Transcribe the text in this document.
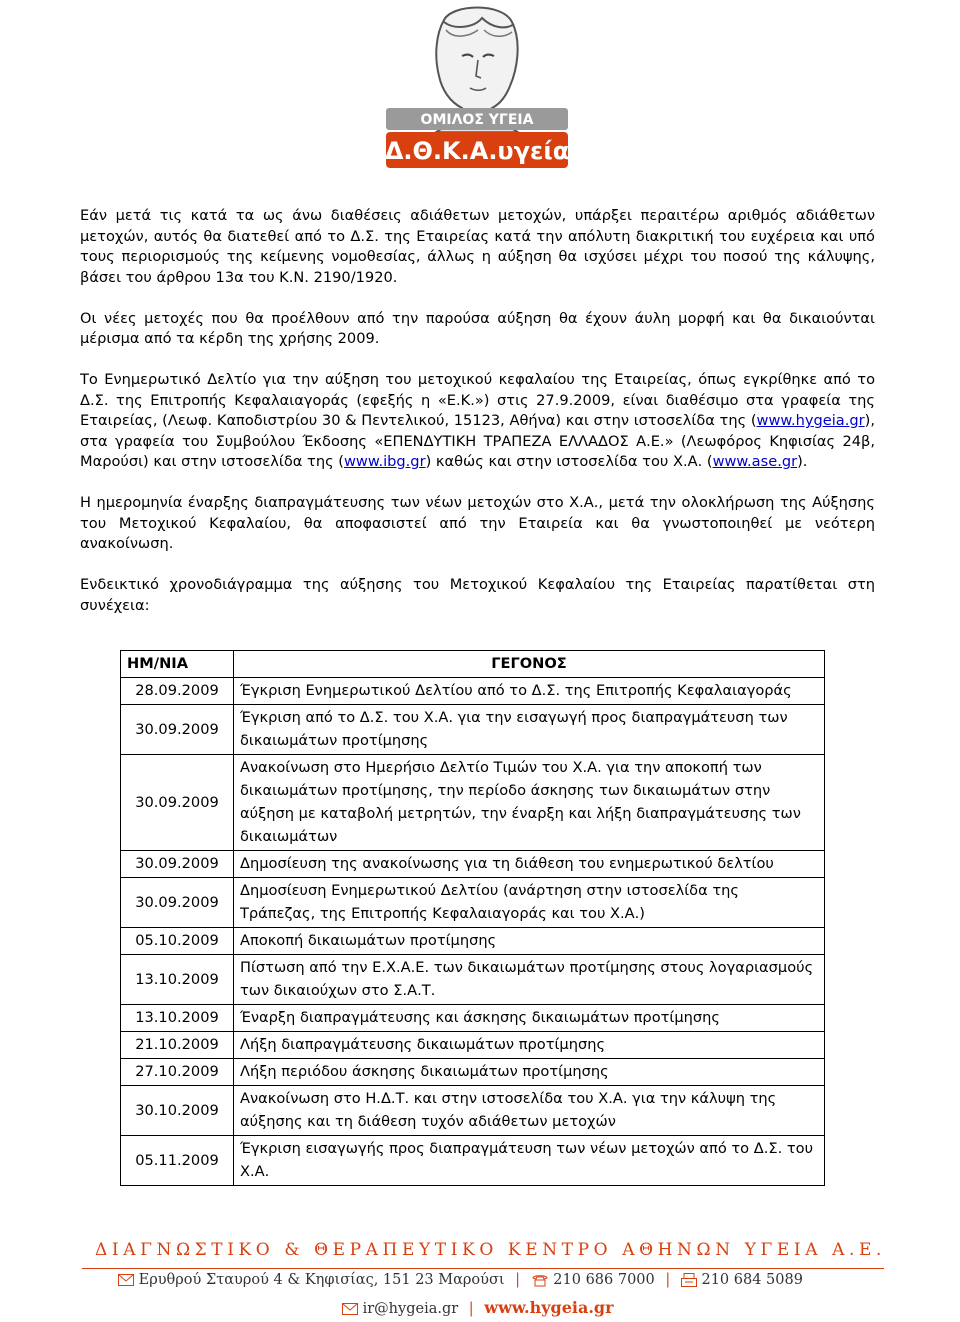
ΟΜΙΛΟΣ ΥΓΕΙΑ
Δ.Θ.Κ.Α.υγεία

Εάν μετά τις κατά τα ως άνω διαθέσεις αδιάθετων μετοχών, υπάρξει περαιτέρω αριθμός αδιάθετων μετοχών, αυτός θα διατεθεί από το Δ.Σ. της Εταιρείας κατά την απόλυτη διακριτική του ευχέρεια και υπό τους περιορισμούς της κείμενης νομοθεσίας, άλλως η αύξηση θα ισχύσει μέχρι του ποσού της κάλυψης, βάσει του άρθρου 13α του Κ.Ν. 2190/1920.

Οι νέες μετοχές που θα προέλθουν από την παρούσα αύξηση θα έχουν άυλη μορφή και θα δικαιούνται μέρισμα από τα κέρδη της χρήσης 2009.

Το Ενημερωτικό Δελτίο για την αύξηση του μετοχικού κεφαλαίου της Εταιρείας, όπως εγκρίθηκε από το Δ.Σ. της Επιτροπής Κεφαλαιαγοράς (εφεξής η «Ε.Κ.») στις 27.9.2009, είναι διαθέσιμο στα γραφεία της Εταιρείας, (Λεωφ. Καποδιστρίου 30 & Πεντελικού, 15123, Αθήνα) και στην ιστοσελίδα της (www.hygeia.gr), στα γραφεία του Συμβούλου Έκδοσης «ΕΠΕΝΔΥΤΙΚΗ ΤΡΑΠΕΖΑ ΕΛΛΑΔΟΣ Α.Ε.» (Λεωφόρος Κηφισίας 24β, Μαρούσι) και στην ιστοσελίδα της (www.ibg.gr) καθώς και στην ιστοσελίδα του Χ.Α. (www.ase.gr).

Η ημερομηνία έναρξης διαπραγμάτευσης των νέων μετοχών στο Χ.Α., μετά την ολοκλήρωση της Αύξησης του Μετοχικού Κεφαλαίου, θα αποφασιστεί από την Εταιρεία και θα γνωστοποιηθεί με νεότερη ανακοίνωση.

Ενδεικτικό χρονοδιάγραμμα της αύξησης του Μετοχικού Κεφαλαίου της Εταιρείας παρατίθεται στη συνέχεια:

ΗΜ/ΝΙΑ	ΓΕΓΟΝΟΣ
28.09.2009	Έγκριση Ενημερωτικού Δελτίου από το Δ.Σ. της Επιτροπής Κεφαλαιαγοράς
30.09.2009	Έγκριση από το Δ.Σ. του Χ.Α. για την εισαγωγή προς διαπραγμάτευση των δικαιωμάτων προτίμησης
30.09.2009	Ανακοίνωση στο Ημερήσιο Δελτίο Τιμών του Χ.Α. για την αποκοπή των δικαιωμάτων προτίμησης, την περίοδο άσκησης των δικαιωμάτων στην αύξηση με καταβολή μετρητών, την έναρξη και λήξη διαπραγμάτευσης των δικαιωμάτων
30.09.2009	Δημοσίευση της ανακοίνωσης για τη διάθεση του ενημερωτικού δελτίου
30.09.2009	Δημοσίευση Ενημερωτικού Δελτίου (ανάρτηση στην ιστοσελίδα της Τράπεζας, της Επιτροπής Κεφαλαιαγοράς και του Χ.Α.)
05.10.2009	Αποκοπή δικαιωμάτων προτίμησης
13.10.2009	Πίστωση από την Ε.Χ.Α.Ε. των δικαιωμάτων προτίμησης στους λογαριασμούς των δικαιούχων στο Σ.Α.Τ.
13.10.2009	Έναρξη διαπραγμάτευσης και άσκησης δικαιωμάτων προτίμησης
21.10.2009	Λήξη διαπραγμάτευσης δικαιωμάτων προτίμησης
27.10.2009	Λήξη περιόδου άσκησης δικαιωμάτων προτίμησης
30.10.2009	Ανακοίνωση στο Η.Δ.Τ. και στην ιστοσελίδα του Χ.Α. για την κάλυψη της αύξησης και τη διάθεση τυχόν αδιάθετων μετοχών
05.11.2009	Έγκριση εισαγωγής προς διαπραγμάτευση των νέων μετοχών από το Δ.Σ. του Χ.Α.
ΔΙΑΓΝΩΣΤΙΚΟ & ΘΕΡΑΠΕΥΤΙΚΟ ΚΕΝΤΡΟ ΑΘΗΝΩΝ ΥΓΕΙΑ Α.Ε.
Ερυθρού Σταυρού 4 & Κηφισίας, 151 23 Μαρούσι | 210 686 7000 | 210 684 5089
ir@hygeia.gr | www.hygeia.gr
